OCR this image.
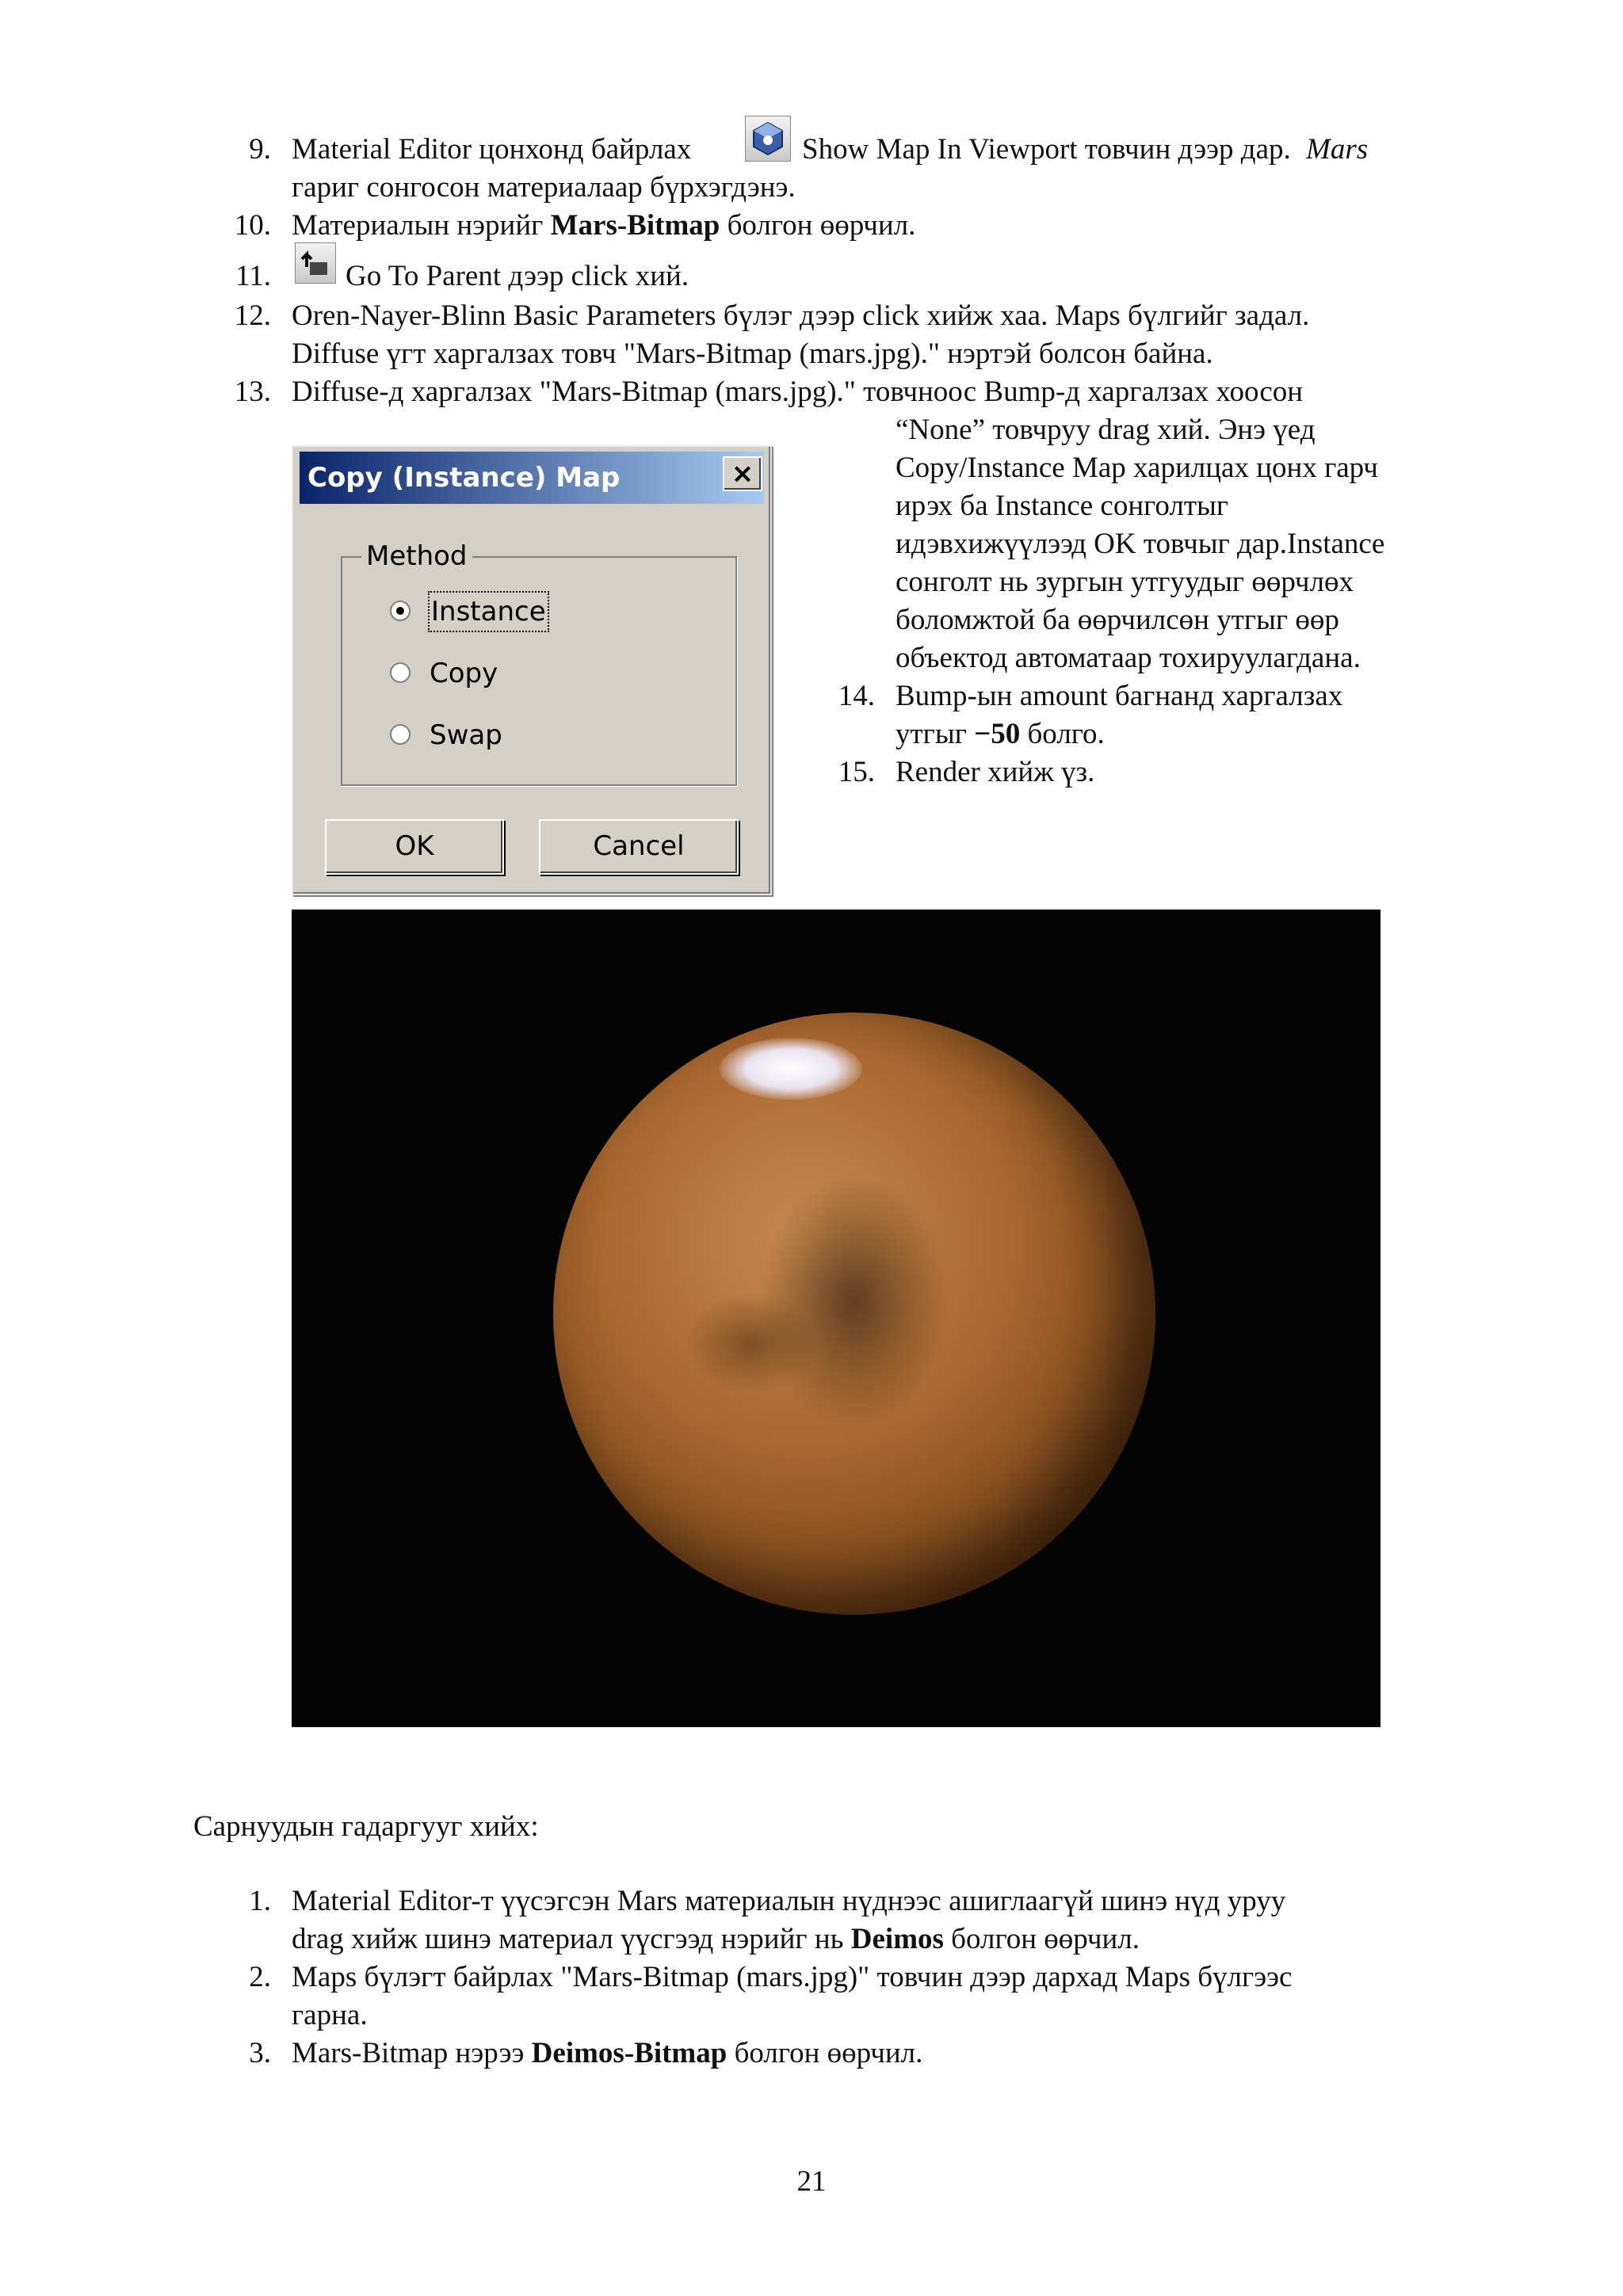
9. Material Editor цонхонд байрлах	Show Map In Viewport товчин дээр дар. Mars
гариг сонгосон материалаар бүрхэгдэнэ.
10. Материалын нэрийг Mars-Bitmap болгон өөрчил.
11.	Go To Parent дээр click хий.
12. Oren-Nayer-Blinn Basic Parameters бүлэг дээр click хийж хаа. Maps бүлгийг задал.
Diffuse үгт харгалзах товч "Mars-Bitmap (mars.jpg)." нэртэй болсон байна.
13. Diffuse-д харгалзах "Mars-Bitmap (mars.jpg)." товчноос Bump-д харгалзах хоосон
“None” товчруу drag хий. Энэ үед
Copy/Instance Map харилцах цонх гарч
ирэх ба Instance сонголтыг
идэвхижүүлээд OK товчыг дар.Instance
сонголт нь зургын утгуудыг өөрчлөх
боломжтой ба өөрчилсөн утгыг өөр
объектод автоматаар тохируулагдана.
14. Bump-ын amount багнанд харгалзах
утгыг −50 болго.
15. Render хийж үз.
Copy (Instance) Map	×
Method
Instance
Copy
Swap
OK	Cancel
Сарнуудын гадаргууг хийх:
1. Material Editor-т үүсэгсэн Mars материалын нүднээс ашиглаагүй шинэ нүд уруу
drag хийж шинэ материал үүсгээд нэрийг нь Deimos болгон өөрчил.
2. Maps бүлэгт байрлах "Mars-Bitmap (mars.jpg)" товчин дээр дархад Maps бүлгээс
гарна.
3. Mars-Bitmap нэрээ Deimos-Bitmap болгон өөрчил.
21
